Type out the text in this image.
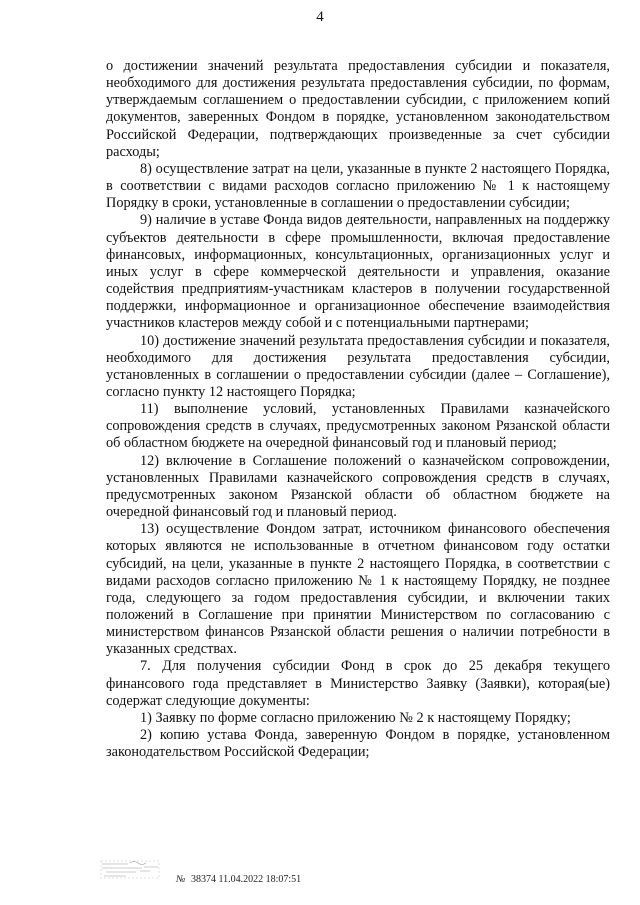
4

о достижении значений результата предоставления субсидии и показателя, необходимого для достижения результата предоставления субсидии, по формам, утверждаемым соглашением о предоставлении субсидии, с приложением копий документов, заверенных Фондом в порядке, установленном законодательством Российской Федерации, подтверждающих произведенные за счет субсидии расходы;

8) осуществление затрат на цели, указанные в пункте 2 настоящего Порядка, в соответствии с видами расходов согласно приложению № 1 к настоящему Порядку в сроки, установленные в соглашении о предоставлении субсидии;

9) наличие в уставе Фонда видов деятельности, направленных на поддержку субъектов деятельности в сфере промышленности, включая предоставление финансовых, информационных, консультационных, организационных услуг и иных услуг в сфере коммерческой деятельности и управления, оказание содействия предприятиям-участникам кластеров в получении государственной поддержки, информационное и организационное обеспечение взаимодействия участников кластеров между собой и с потенциальными партнерами;

10) достижение значений результата предоставления субсидии и показателя, необходимого для достижения результата предоставления субсидии, установленных в соглашении о предоставлении субсидии (далее – Соглашение), согласно пункту 12 настоящего Порядка;

11) выполнение условий, установленных Правилами казначейского сопровождения средств в случаях, предусмотренных законом Рязанской области об областном бюджете на очередной финансовый год и плановый период;

12) включение в Соглашение положений о казначейском сопровождении, установленных Правилами казначейского сопровождения средств в случаях, предусмотренных законом Рязанской области об областном бюджете на очередной финансовый год и плановый период.

13) осуществление Фондом затрат, источником финансового обеспечения которых являются не использованные в отчетном финансовом году остатки субсидий, на цели, указанные в пункте 2 настоящего Порядка, в соответствии с видами расходов согласно приложению № 1 к настоящему Порядку, не позднее года, следующего за годом предоставления субсидии, и включении таких положений в Соглашение при принятии Министерством по согласованию с министерством финансов Рязанской области решения о наличии потребности в указанных средствах.

7. Для получения субсидии Фонд в срок до 25 декабря текущего финансового года представляет в Министерство Заявку (Заявки), которая(ые) содержат следующие документы:

1) Заявку по форме согласно приложению № 2 к настоящему Порядку;

2) копию устава Фонда, заверенную Фондом в порядке, установленном законодательством Российской Федерации;

№ 38374 11.04.2022 18:07:51
